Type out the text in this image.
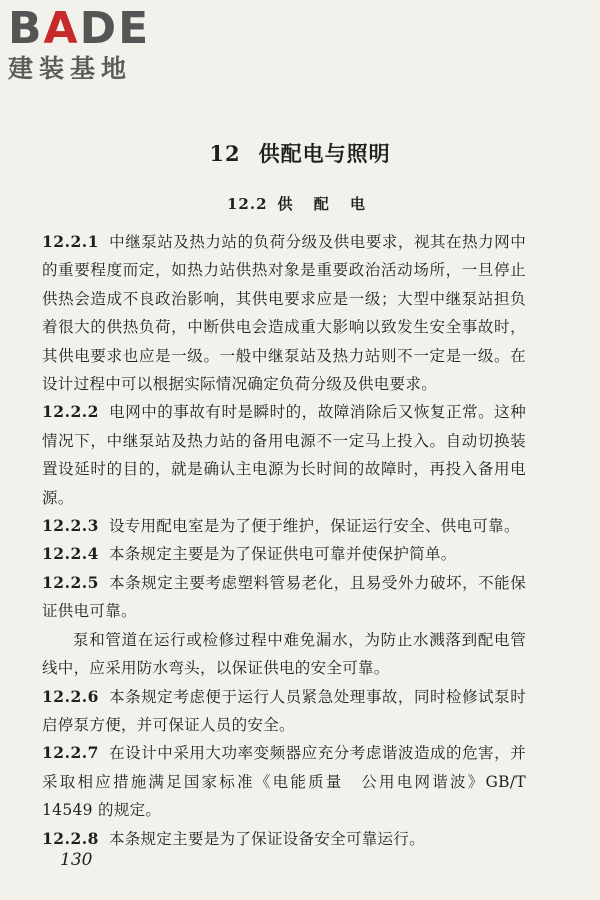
BADE
建装基地
12 供配电与照明
12.2 供 配 电

12.2.1 中继泵站及热力站的负荷分级及供电要求，视其在热力网中的重要程度而定，如热力站供热对象是重要政治活动场所，一旦停止供热会造成不良政治影响，其供电要求应是一级；大型中继泵站担负着很大的供热负荷，中断供电会造成重大影响以致发生安全事故时，其供电要求也应是一级。一般中继泵站及热力站则不一定是一级。在设计过程中可以根据实际情况确定负荷分级及供电要求。

12.2.2 电网中的事故有时是瞬时的，故障消除后又恢复正常。这种情况下，中继泵站及热力站的备用电源不一定马上投入。自动切换装置设延时的目的，就是确认主电源为长时间的故障时，再投入备用电源。

12.2.3 设专用配电室是为了便于维护，保证运行安全、供电可靠。

12.2.4 本条规定主要是为了保证供电可靠并使保护简单。

12.2.5 本条规定主要考虑塑料管易老化，且易受外力破坏，不能保证供电可靠。

泵和管道在运行或检修过程中难免漏水，为防止水溅落到配电管线中，应采用防水弯头，以保证供电的安全可靠。

12.2.6 本条规定考虑便于运行人员紧急处理事故，同时检修试泵时启停泵方便，并可保证人员的安全。

12.2.7 在设计中采用大功率变频器应充分考虑谐波造成的危害，并采取相应措施满足国家标准《电能质量　公用电网谐波》GB/T 14549 的规定。

12.2.8 本条规定主要是为了保证设备安全可靠运行。

130
